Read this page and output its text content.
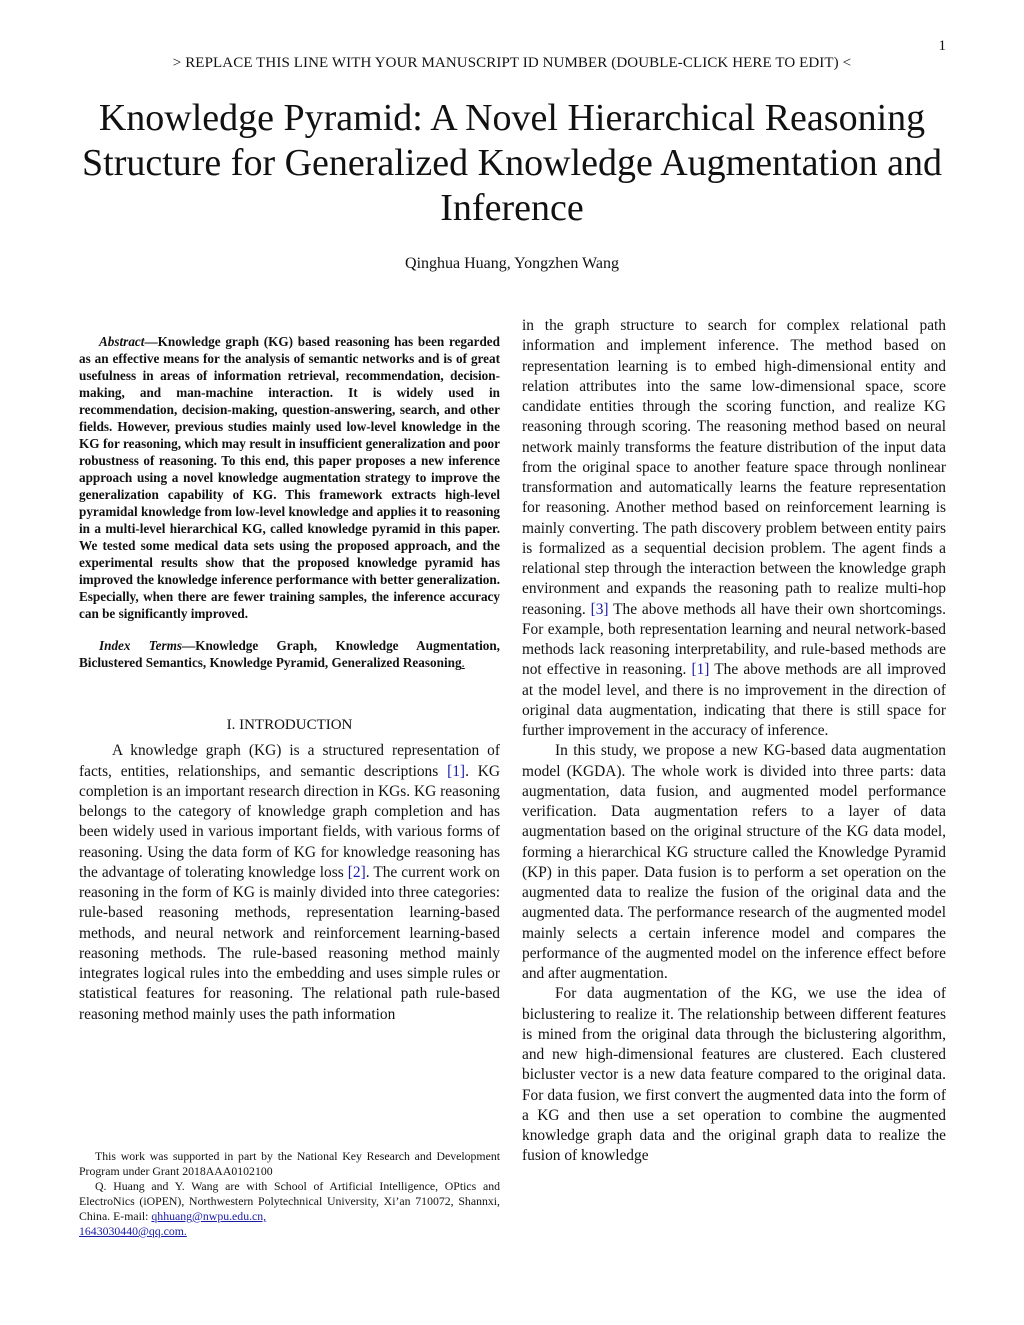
1
> REPLACE THIS LINE WITH YOUR MANUSCRIPT ID NUMBER (DOUBLE-CLICK HERE TO EDIT) <
Knowledge Pyramid: A Novel Hierarchical Reasoning Structure for Generalized Knowledge Augmentation and Inference
Qinghua Huang, Yongzhen Wang

Abstract—Knowledge graph (KG) based reasoning has been regarded as an effective means for the analysis of semantic networks and is of great usefulness in areas of information retrieval, recommendation, decision-making, and man-machine interaction. It is widely used in recommendation, decision-making, question-answering, search, and other fields. However, previous studies mainly used low-level knowledge in the KG for reasoning, which may result in insufficient generalization and poor robustness of reasoning. To this end, this paper proposes a new inference approach using a novel knowledge augmentation strategy to improve the generalization capability of KG. This framework extracts high-level pyramidal knowledge from low-level knowledge and applies it to reasoning in a multi-level hierarchical KG, called knowledge pyramid in this paper. We tested some medical data sets using the proposed approach, and the experimental results show that the proposed knowledge pyramid has improved the knowledge inference performance with better generalization. Especially, when there are fewer training samples, the inference accuracy can be significantly improved.

Index Terms—Knowledge Graph, Knowledge Augmentation, Biclustered Semantics, Knowledge Pyramid, Generalized Reasoning.

I. INTRODUCTION

A knowledge graph (KG) is a structured representation of facts, entities, relationships, and semantic descriptions [1]. KG completion is an important research direction in KGs. KG reasoning belongs to the category of knowledge graph completion and has been widely used in various important fields, with various forms of reasoning. Using the data form of KG for knowledge reasoning has the advantage of tolerating knowledge loss [2]. The current work on reasoning in the form of KG is mainly divided into three categories: rule-based reasoning methods, representation learning-based methods, and neural network and reinforcement learning-based reasoning methods. The rule-based reasoning method mainly integrates logical rules into the embedding and uses simple rules or statistical features for reasoning. The relational path rule-based reasoning method mainly uses the path information

in the graph structure to search for complex relational path information and implement inference. The method based on representation learning is to embed high-dimensional entity and relation attributes into the same low-dimensional space, score candidate entities through the scoring function, and realize KG reasoning through scoring. The reasoning method based on neural network mainly transforms the feature distribution of the input data from the original space to another feature space through nonlinear transformation and automatically learns the feature representation for reasoning. Another method based on reinforcement learning is mainly converting. The path discovery problem between entity pairs is formalized as a sequential decision problem. The agent finds a relational step through the interaction between the knowledge graph environment and expands the reasoning path to realize multi-hop reasoning. [3] The above methods all have their own shortcomings. For example, both representation learning and neural network-based methods lack reasoning interpretability, and rule-based methods are not effective in reasoning. [1] The above methods are all improved at the model level, and there is no improvement in the direction of original data augmentation, indicating that there is still space for further improvement in the accuracy of inference.

In this study, we propose a new KG-based data augmentation model (KGDA). The whole work is divided into three parts: data augmentation, data fusion, and augmented model performance verification. Data augmentation refers to a layer of data augmentation based on the original structure of the KG data model, forming a hierarchical KG structure called the Knowledge Pyramid (KP) in this paper. Data fusion is to perform a set operation on the augmented data to realize the fusion of the original data and the augmented data. The performance research of the augmented model mainly selects a certain inference model and compares the performance of the augmented model on the inference effect before and after augmentation.

For data augmentation of the KG, we use the idea of biclustering to realize it. The relationship between different features is mined from the original data through the biclustering algorithm, and new high-dimensional features are clustered. Each clustered bicluster vector is a new data feature compared to the original data. For data fusion, we first convert the augmented data into the form of a KG and then use a set operation to combine the augmented knowledge graph data and the original graph data to realize the fusion of knowledge

This work was supported in part by the National Key Research and Development Program under Grant 2018AAA0102100

Q. Huang and Y. Wang are with School of Artificial Intelligence, OPtics and ElectroNics (iOPEN), Northwestern Polytechnical University, Xi’an 710072, Shannxi, China. E-mail: qhhuang@nwpu.edu.cn,
1643030440@qq.com.
